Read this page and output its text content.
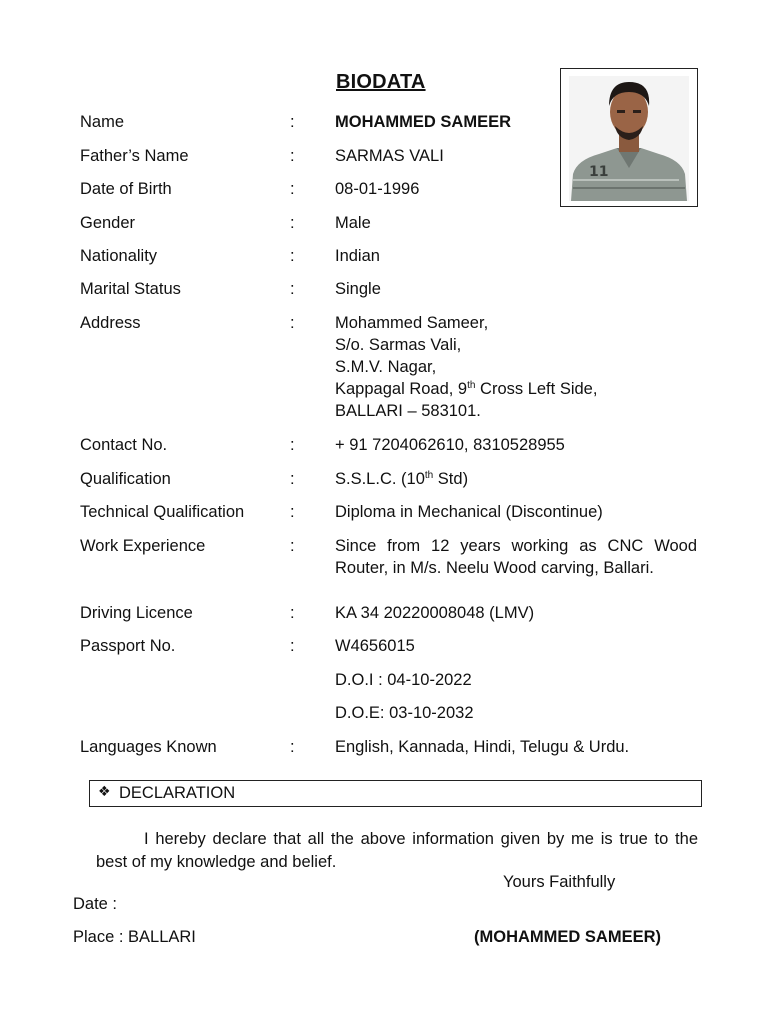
BIODATA
11
Name	: MOHAMMED SAMEER
Father’s Name	: SARMAS VALI
Date of Birth	: 08-01-1996
Gender	: Male
Nationality	: Indian
Marital Status	: Single
Address	: Mohammed Sameer,
S/o. Sarmas Vali,
S.M.V. Nagar,
Kappagal Road, 9th Cross Left Side,
BALLARI – 583101.
Contact No.	: + 91 7204062610, 8310528955
Qualification	: S.S.L.C. (10th Std)
Technical Qualification	: Diploma in Mechanical (Discontinue)
Work Experience	: Since from 12 years working as CNC Wood Router, in M/s. Neelu Wood carving, Ballari.
Driving Licence	: KA 34 20220008048 (LMV)
Passport No.	: W4656015
D.O.I : 04-10-2022
D.O.E: 03-10-2032
Languages Known	: English, Kannada, Hindi, Telugu & Urdu.
❖ DECLARATION
I hereby declare that all the above information given by me is true to the best of my knowledge and belief.
Yours Faithfully
Date :
Place : BALLARI	(MOHAMMED SAMEER)
